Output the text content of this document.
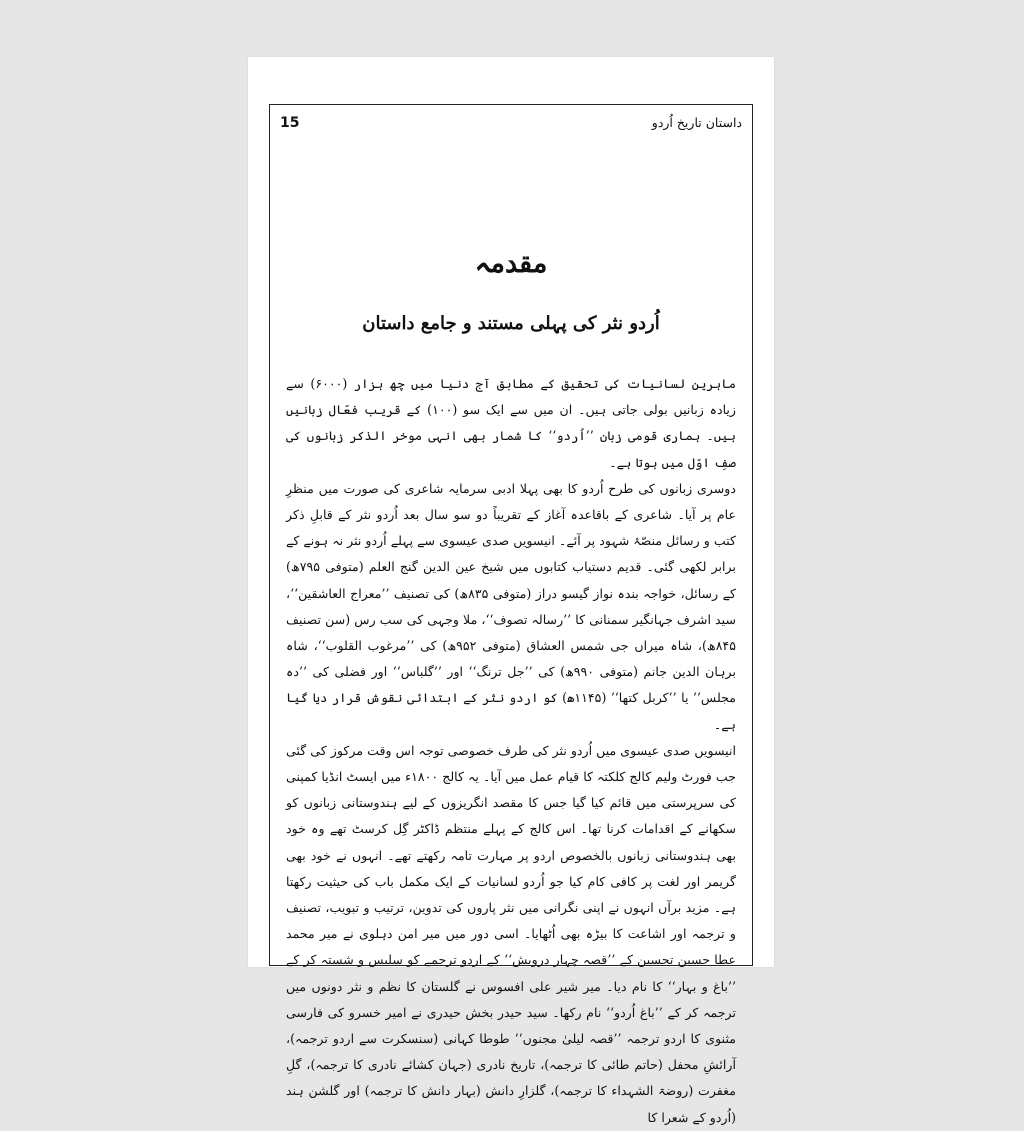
15	داستان تاریخ اُردو
مقدمہ
اُردو نثر کی پہلی مستند و جامع داستان

ماہرینِ لسانیات کی تحقیق کے مطابق آج دنیا میں چھ ہزار (۶۰۰۰) سے زیادہ زبانیں بولی جاتی ہیں۔ ان میں سے ایک سو (۱۰۰) کے قریب فعّال زبانیں ہیں۔ ہماری قومی زبان ’’اُردو‘‘ کا شمار بھی انہی موخر الذکر زبانوں کی صفِ اوّل میں ہوتا ہے۔

دوسری زبانوں کی طرح اُردو کا بھی پہلا ادبی سرمایہ شاعری کی صورت میں منظرِ عام پر آیا۔ شاعری کے باقاعدہ آغاز کے تقریباً دو سو سال بعد اُردو نثر کے قابلِ ذکر کتب و رسائل منصّۂ شہود پر آئے۔ انیسویں صدی عیسوی سے پہلے اُردو نثر نہ ہونے کے برابر لکھی گئی۔ قدیم دستیاب کتابوں میں شیخ عین الدین گنج العلم (متوفی ۷۹۵ھ) کے رسائل، خواجہ بندہ نواز گیسو دراز (متوفی ۸۳۵ھ) کی تصنیف ’’معراج العاشقین‘‘، سید اشرف جہانگیر سمنانی کا ’’رسالہ تصوف‘‘، ملا وجہی کی سب رس (سن تصنیف ۸۴۵ھ)، شاہ میراں جی شمس العشاق (متوفی ۹۵۲ھ) کی ’’مرغوب القلوب‘‘، شاہ برہان الدین جانم (متوفی ۹۹۰ھ) کی ’’جل ترنگ‘‘ اور ’’گلباس‘‘ اور فضلی کی ’’دہ مجلس‘‘ یا ’’کربل کتھا‘‘ (۱۱۴۵ھ) کو اردو نثر کے ابتدائی نقوش قرار دیا گیا ہے۔

انیسویں صدی عیسوی میں اُردو نثر کی طرف خصوصی توجہ اس وقت مرکوز کی گئی جب فورٹ ولیم کالج کلکتہ کا قیام عمل میں آیا۔ یہ کالج ۱۸۰۰ء میں ایسٹ انڈیا کمپنی کی سرپرستی میں قائم کیا گیا جس کا مقصد انگریزوں کے لیے ہندوستانی زبانوں کو سکھانے کے اقدامات کرنا تھا۔ اس کالج کے پہلے منتظم ڈاکٹر گِل کرسٹ تھے وہ خود بھی ہندوستانی زبانوں بالخصوص اردو پر مہارت تامہ رکھتے تھے۔ انہوں نے خود بھی گریمر اور لغت پر کافی کام کیا جو اُردو لسانیات کے ایک مکمل باب کی حیثیت رکھتا ہے۔ مزید برآں انہوں نے اپنی نگرانی میں نثر پاروں کی تدوین، ترتیب و تبویب، تصنیف و ترجمہ اور اشاعت کا بیڑہ بھی اُٹھایا۔ اسی دور میں میر امن دہلوی نے میر محمد عطا حسین تحسین کے ’’قصہ چہار درویش‘‘ کے اردو ترجمے کو سلیس و شستہ کر کے ’’باغ و بہار‘‘ کا نام دیا۔ میر شیر علی افسوس نے گلستان کا نظم و نثر دونوں میں ترجمہ کر کے ’’باغ اُردو‘‘ نام رکھا۔ سید حیدر بخش حیدری نے امیر خسرو کی فارسی مثنوی کا اردو ترجمہ ’’قصہ لیلیٰ مجنوں‘‘ طوطا کہانی (سنسکرت سے اردو ترجمہ)، آرائشِ محفل (حاتم طائی کا ترجمہ)، تاریخ نادری (جہان کشائے نادری کا ترجمہ)، گلِ مغفرت (روضۃ الشہداء کا ترجمہ)، گلزارِ دانش (بہار دانش کا ترجمہ) اور گلشن ہند (اُردو کے شعرا کا
